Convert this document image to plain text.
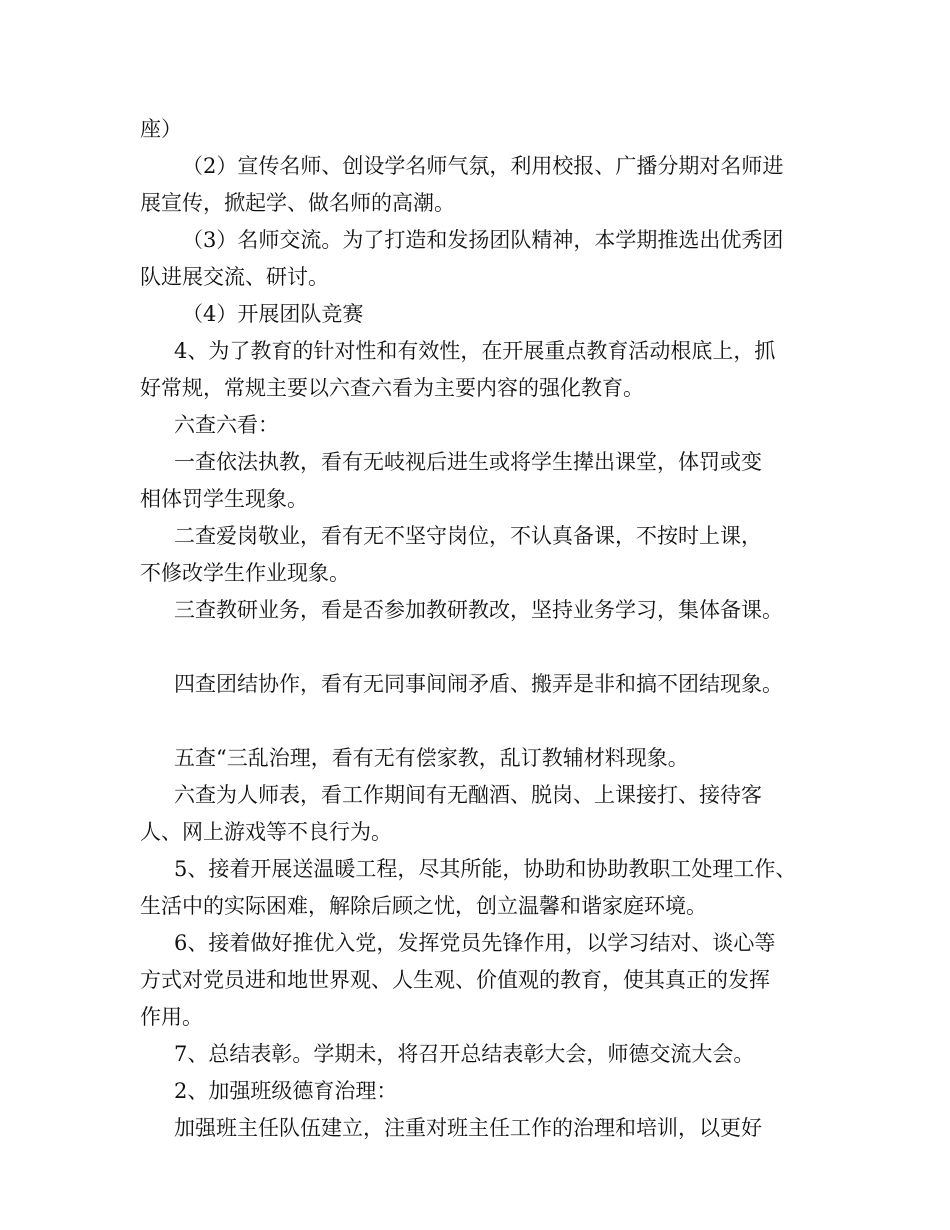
座）
（2）宣传名师、创设学名师气氛，利用校报、广播分期对名师进
展宣传，掀起学、做名师的高潮。
（3）名师交流。为了打造和发扬团队精神，本学期推选出优秀团
队进展交流、研讨。
（4）开展团队竞赛
4、为了教育的针对性和有效性，在开展重点教育活动根底上，抓
好常规，常规主要以六查六看为主要内容的强化教育。
六查六看：
一查依法执教，看有无岐视后进生或将学生撵出课堂，体罚或变
相体罚学生现象。
二查爱岗敬业，看有无不坚守岗位，不认真备课，不按时上课，
不修改学生作业现象。
三查教研业务，看是否参加教研教改，坚持业务学习，集体备课。
四查团结协作，看有无同事间闹矛盾、搬弄是非和搞不团结现象。
五查“三乱治理，看有无有偿家教，乱订教辅材料现象。
六查为人师表，看工作期间有无酗酒、脱岗、上课接打、接待客
人、网上游戏等不良行为。
5、接着开展送温暖工程，尽其所能，协助和协助教职工处理工作、
生活中的实际困难，解除后顾之忧，创立温馨和谐家庭环境。
6、接着做好推优入党，发挥党员先锋作用，以学习结对、谈心等
方式对党员进和地世界观、人生观、价值观的教育，使其真正的发挥
作用。
7、总结表彰。学期未，将召开总结表彰大会，师德交流大会。
2、加强班级德育治理：
加强班主任队伍建立，注重对班主任工作的治理和培训，以更好
